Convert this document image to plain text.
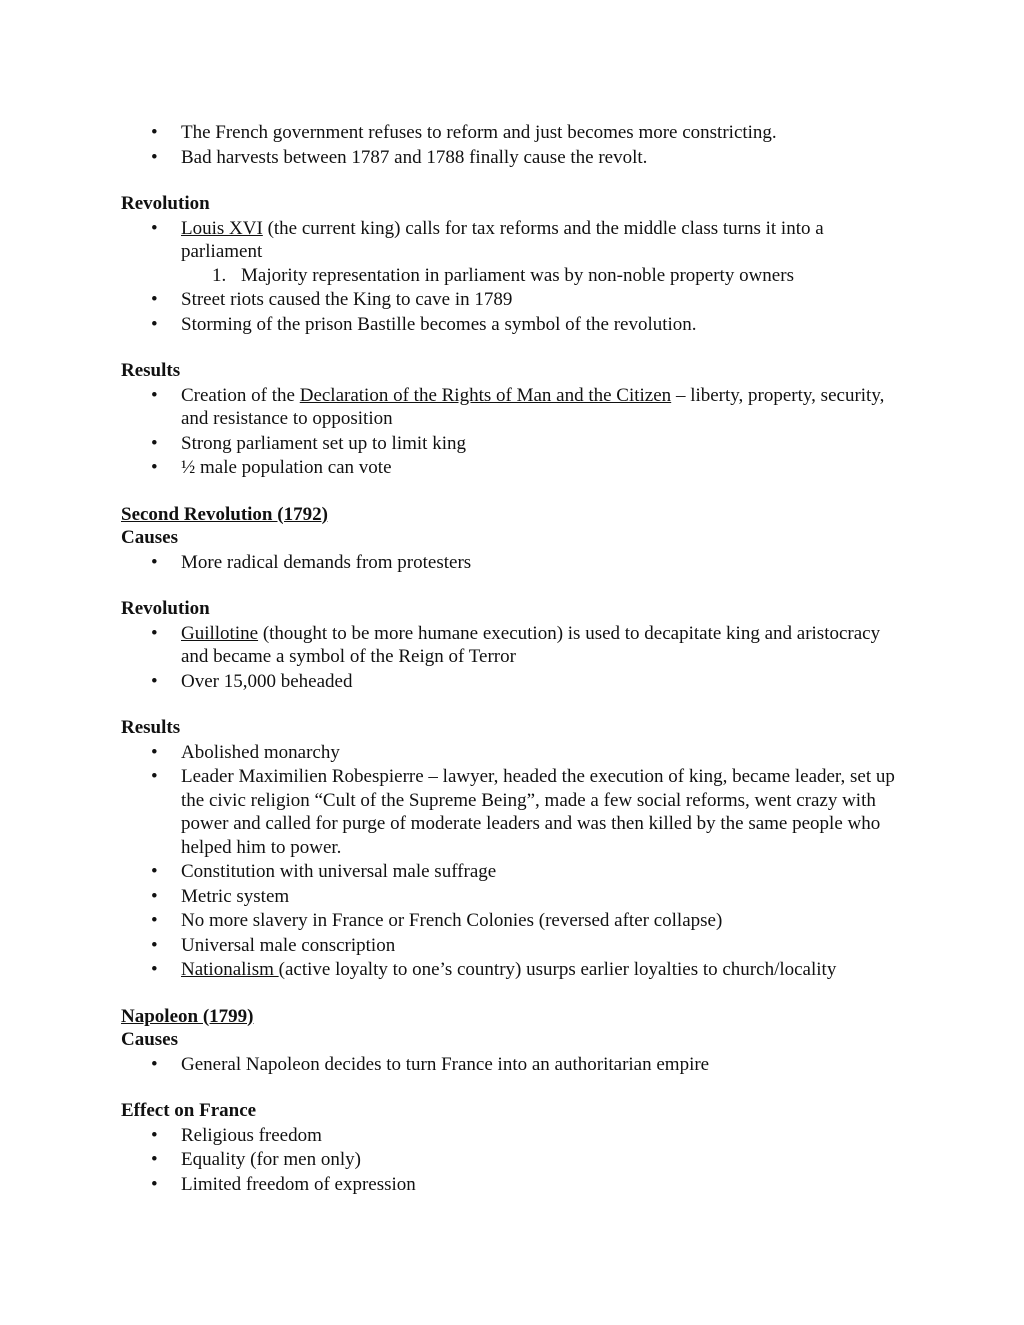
• The French government refuses to reform and just becomes more constricting.
• Bad harvests between 1787 and 1788 finally cause the revolt.

Revolution

• Louis XVI (the current king) calls for tax reforms and the middle class turns it into a parliament
1. Majority representation in parliament was by non-noble property owners
• Street riots caused the King to cave in 1789
• Storming of the prison Bastille becomes a symbol of the revolution.

Results

• Creation of the Declaration of the Rights of Man and the Citizen – liberty, property, security, and resistance to opposition
• Strong parliament set up to limit king
• ½ male population can vote

Second Revolution (1792)

Causes

• More radical demands from protesters

Revolution

• Guillotine (thought to be more humane execution) is used to decapitate king and aristocracy and became a symbol of the Reign of Terror
• Over 15,000 beheaded

Results

• Abolished monarchy
• Leader Maximilien Robespierre – lawyer, headed the execution of king, became leader, set up the civic religion “Cult of the Supreme Being”, made a few social reforms, went crazy with power and called for purge of moderate leaders and was then killed by the same people who helped him to power.
• Constitution with universal male suffrage
• Metric system
• No more slavery in France or French Colonies (reversed after collapse)
• Universal male conscription
• Nationalism (active loyalty to one’s country) usurps earlier loyalties to church/locality

Napoleon (1799)

Causes

• General Napoleon decides to turn France into an authoritarian empire

Effect on France

• Religious freedom
• Equality (for men only)
• Limited freedom of expression
